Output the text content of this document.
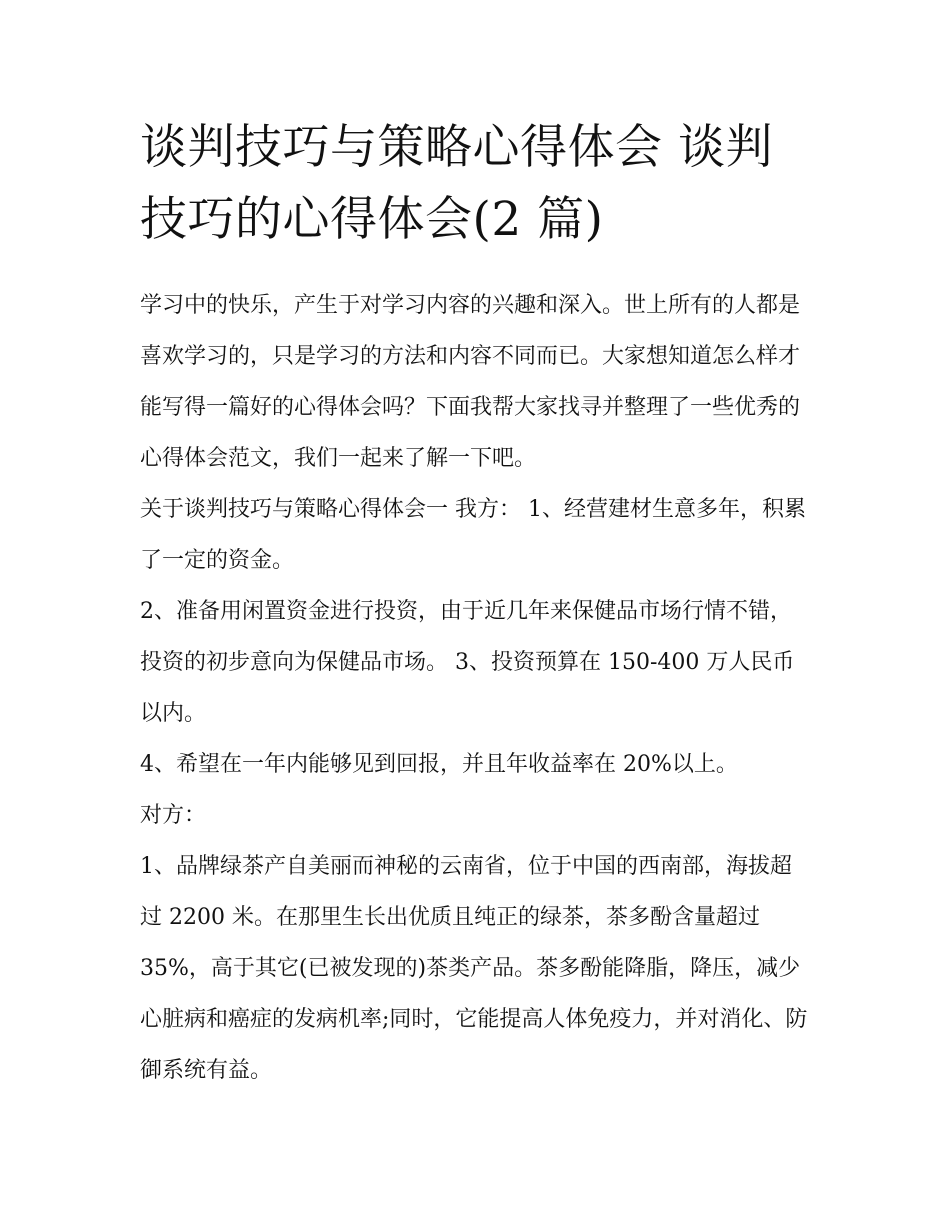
谈判技巧与策略心得体会 谈判技巧的心得体会(2 篇)

学习中的快乐，产生于对学习内容的兴趣和深入。世上所有的人都是喜欢学习的，只是学习的方法和内容不同而已。大家想知道怎么样才能写得一篇好的心得体会吗？下面我帮大家找寻并整理了一些优秀的心得体会范文，我们一起来了解一下吧。

关于谈判技巧与策略心得体会一 我方： 1、经营建材生意多年，积累了一定的资金。

2、准备用闲置资金进行投资，由于近几年来保健品市场行情不错，投资的初步意向为保健品市场。 3、投资预算在 150-400 万人民币以内。

4、希望在一年内能够见到回报，并且年收益率在 20%以上。

对方：

1、品牌绿茶产自美丽而神秘的云南省，位于中国的西南部，海拔超过 2200 米。在那里生长出优质且纯正的绿茶，茶多酚含量超过 35%，高于其它(已被发现的)茶类产品。茶多酚能降脂，降压，减少心脏病和癌症的发病机率;同时，它能提高人体免疫力，并对消化、防御系统有益。
